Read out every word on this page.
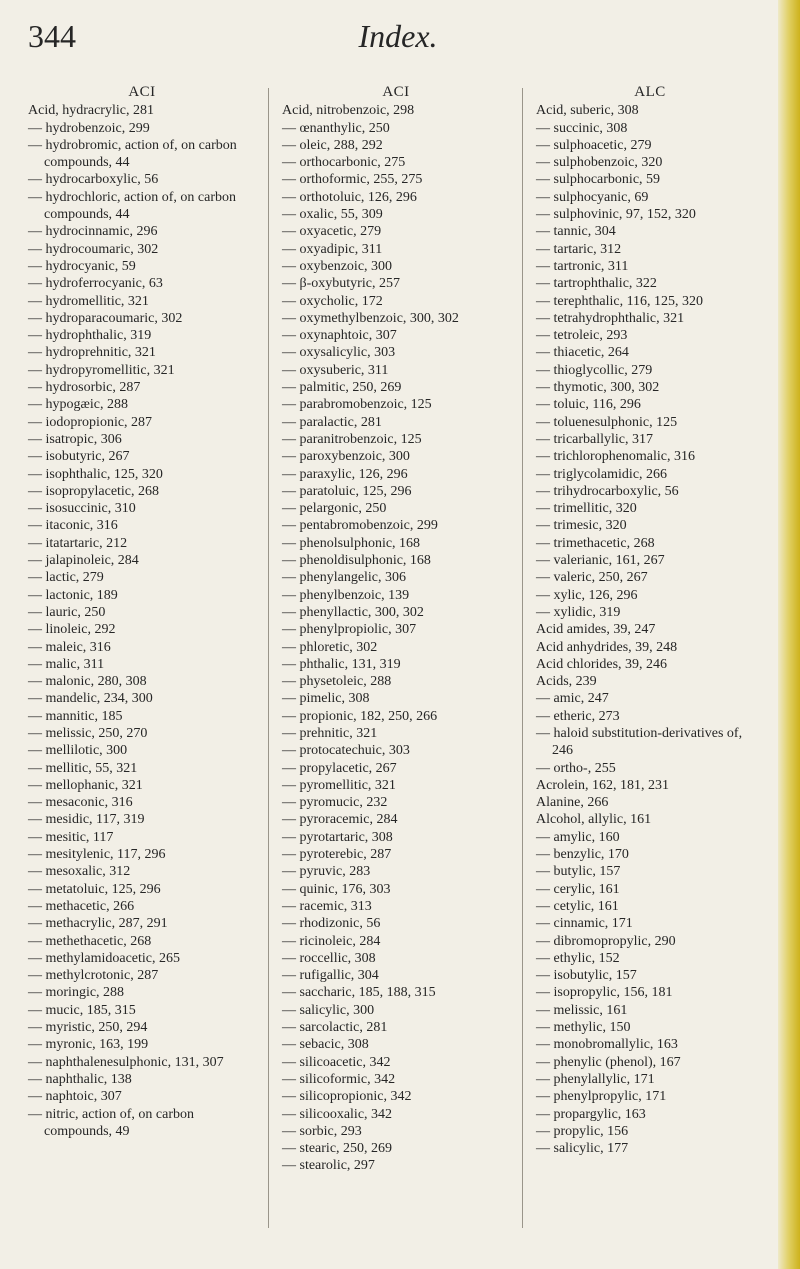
344	Index.
ACI
Acid, hydracrylic, 281
— hydrobenzoic, 299
— hydrobromic, action of, on carbon compounds, 44
— hydrocarboxylic, 56
— hydrochloric, action of, on carbon compounds, 44
— hydrocinnamic, 296
— hydrocoumaric, 302
— hydrocyanic, 59
— hydroferrocyanic, 63
— hydromellitic, 321
— hydroparacoumaric, 302
— hydrophthalic, 319
— hydroprehnitic, 321
— hydropyromellitic, 321
— hydrosorbic, 287
— hypogæic, 288
— iodopropionic, 287
— isatropic, 306
— isobutyric, 267
— isophthalic, 125, 320
— isopropylacetic, 268
— isosuccinic, 310
— itaconic, 316
— itatartaric, 212
— jalapinoleic, 284
— lactic, 279
— lactonic, 189
— lauric, 250
— linoleic, 292
— maleic, 316
— malic, 311
— malonic, 280, 308
— mandelic, 234, 300
— mannitic, 185
— melissic, 250, 270
— mellilotic, 300
— mellitic, 55, 321
— mellophanic, 321
— mesaconic, 316
— mesidic, 117, 319
— mesitic, 117
— mesitylenic, 117, 296
— mesoxalic, 312
— metatoluic, 125, 296
— methacetic, 266
— methacrylic, 287, 291
— methethacetic, 268
— methylamidoacetic, 265
— methylcrotonic, 287
— moringic, 288
— mucic, 185, 315
— myristic, 250, 294
— myronic, 163, 199
— naphthalenesulphonic, 131, 307
— naphthalic, 138
— naphtoic, 307
— nitric, action of, on carbon compounds, 49
ACI
Acid, nitrobenzoic, 298
— œnanthylic, 250
— oleic, 288, 292
— orthocarbonic, 275
— orthoformic, 255, 275
— orthotoluic, 126, 296
— oxalic, 55, 309
— oxyacetic, 279
— oxyadipic, 311
— oxybenzoic, 300
— β-oxybutyric, 257
— oxycholic, 172
— oxymethylbenzoic, 300, 302
— oxynaphtoic, 307
— oxysalicylic, 303
— oxysuberic, 311
— palmitic, 250, 269
— parabromobenzoic, 125
— paralactic, 281
— paranitrobenzoic, 125
— paroxybenzoic, 300
— paraxylic, 126, 296
— paratoluic, 125, 296
— pelargonic, 250
— pentabromobenzoic, 299
— phenolsulphonic, 168
— phenoldisulphonic, 168
— phenylangelic, 306
— phenylbenzoic, 139
— phenyllactic, 300, 302
— phenylpropiolic, 307
— phloretic, 302
— phthalic, 131, 319
— physetoleic, 288
— pimelic, 308
— propionic, 182, 250, 266
— prehnitic, 321
— protocatechuic, 303
— propylacetic, 267
— pyromellitic, 321
— pyromucic, 232
— pyroracemic, 284
— pyrotartaric, 308
— pyroterebic, 287
— pyruvic, 283
— quinic, 176, 303
— racemic, 313
— rhodizonic, 56
— ricinoleic, 284
— roccellic, 308
— rufigallic, 304
— saccharic, 185, 188, 315
— salicylic, 300
— sarcolactic, 281
— sebacic, 308
— silicoacetic, 342
— silicoformic, 342
— silicopropionic, 342
— silicooxalic, 342
— sorbic, 293
— stearic, 250, 269
— stearolic, 297
ALC
Acid, suberic, 308
— succinic, 308
— sulphoacetic, 279
— sulphobenzoic, 320
— sulphocarbonic, 59
— sulphocyanic, 69
— sulphovinic, 97, 152, 320
— tannic, 304
— tartaric, 312
— tartronic, 311
— tartrophthalic, 322
— terephthalic, 116, 125, 320
— tetrahydrophthalic, 321
— tetroleic, 293
— thiacetic, 264
— thioglycollic, 279
— thymotic, 300, 302
— toluic, 116, 296
— toluenesulphonic, 125
— tricarballylic, 317
— trichlorophenomalic, 316
— triglycolamidic, 266
— trihydrocarboxylic, 56
— trimellitic, 320
— trimesic, 320
— trimethacetic, 268
— valerianic, 161, 267
— valeric, 250, 267
— xylic, 126, 296
— xylidic, 319
Acid amides, 39, 247
Acid anhydrides, 39, 248
Acid chlorides, 39, 246
Acids, 239
— amic, 247
— etheric, 273
— haloid substitution-derivatives of, 246
— ortho-, 255
Acrolein, 162, 181, 231
Alanine, 266
Alcohol, allylic, 161
— amylic, 160
— benzylic, 170
— butylic, 157
— cerylic, 161
— cetylic, 161
— cinnamic, 171
— dibromopropylic, 290
— ethylic, 152
— isobutylic, 157
— isopropylic, 156, 181
— melissic, 161
— methylic, 150
— monobromallylic, 163
— phenylic (phenol), 167
— phenylallylic, 171
— phenylpropylic, 171
— propargylic, 163
— propylic, 156
— salicylic, 177
